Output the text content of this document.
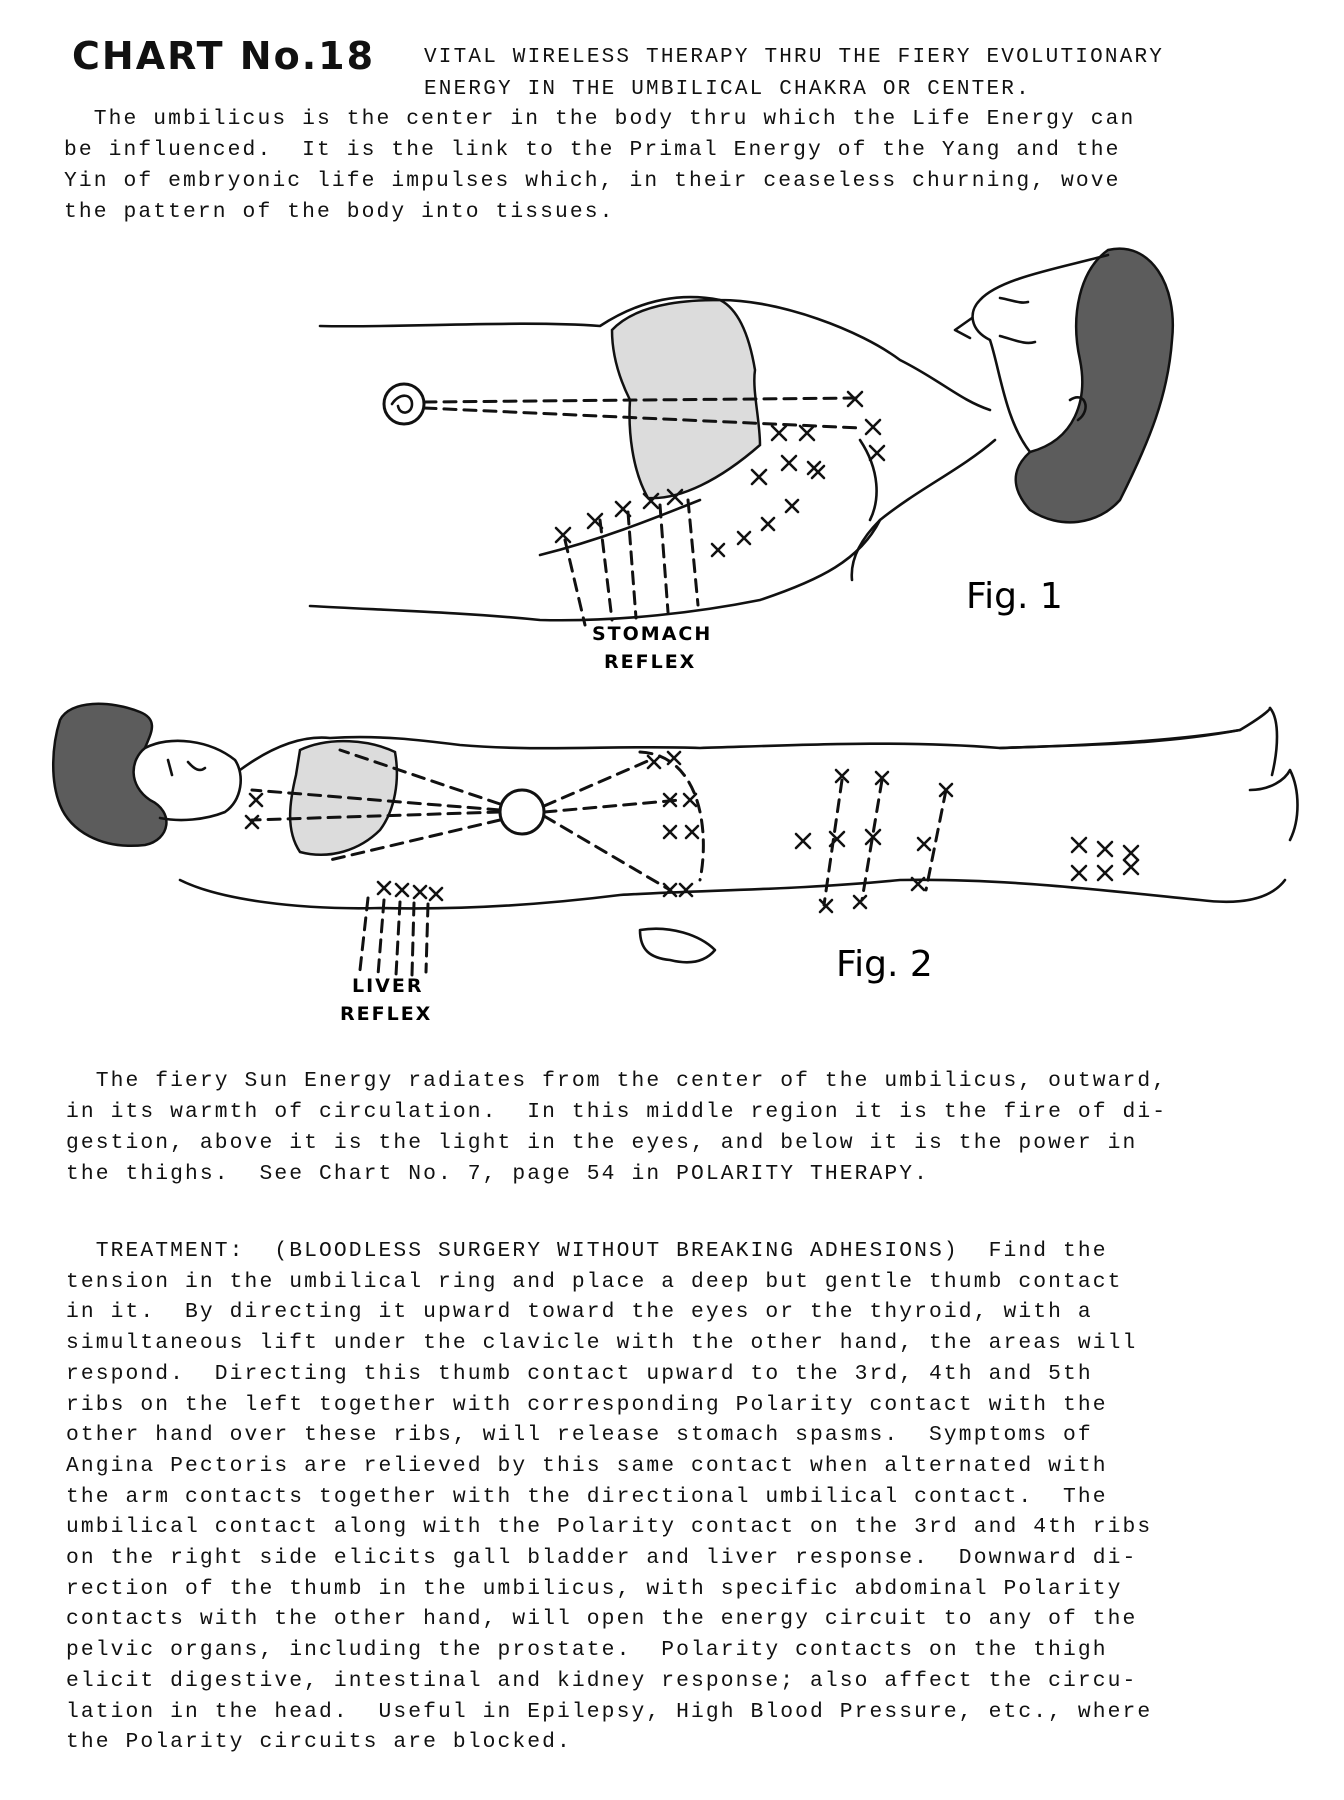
CHART No.18 VITAL WIRELESS THERAPY THRU THE FIERY EVOLUTIONARY
ENERGY IN THE UMBILICAL CHAKRA OR CENTER.

The umbilicus is the center in the body thru which the Life Energy can
be influenced.  It is the link to the Primal Energy of the Yang and the
Yin of embryonic life impulses which, in their ceaseless churning, wove
the pattern of the body into tissues.

STOMACH
REFLEX
Fig. 1
LIVER
REFLEX
Fig. 2

The fiery Sun Energy radiates from the center of the umbilicus, outward,
in its warmth of circulation.  In this middle region it is the fire of di-
gestion, above it is the light in the eyes, and below it is the power in
the thighs.  See Chart No. 7, page 54 in POLARITY THERAPY.

TREATMENT:  (BLOODLESS SURGERY WITHOUT BREAKING ADHESIONS)  Find the
tension in the umbilical ring and place a deep but gentle thumb contact
in it.  By directing it upward toward the eyes or the thyroid, with a
simultaneous lift under the clavicle with the other hand, the areas will
respond.  Directing this thumb contact upward to the 3rd, 4th and 5th
ribs on the left together with corresponding Polarity contact with the
other hand over these ribs, will release stomach spasms.  Symptoms of
Angina Pectoris are relieved by this same contact when alternated with
the arm contacts together with the directional umbilical contact.  The
umbilical contact along with the Polarity contact on the 3rd and 4th ribs
on the right side elicits gall bladder and liver response.  Downward di-
rection of the thumb in the umbilicus, with specific abdominal Polarity
contacts with the other hand, will open the energy circuit to any of the
pelvic organs, including the prostate.  Polarity contacts on the thigh
elicit digestive, intestinal and kidney response; also affect the circu-
lation in the head.  Useful in Epilepsy, High Blood Pressure, etc., where
the Polarity circuits are blocked.
